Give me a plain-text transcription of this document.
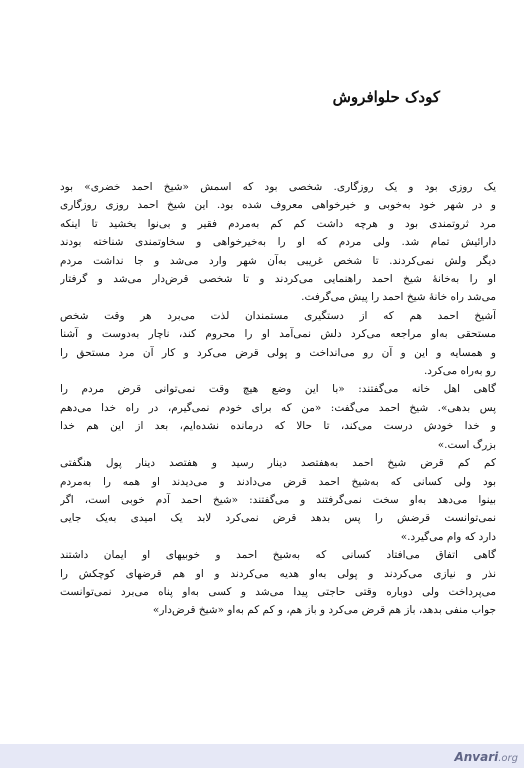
کودک حلوافروش
یک روزی بود و یک روزگاری. شخصی بود که اسمش «شیخ احمد خضری» بود
و در شهر خود به‌خوبی و خیرخواهی معروف شده بود. این شیخ احمد روزی روزگاری
مرد ثروتمندی بود و هرچه داشت کم کم به‌مردم فقیر و بی‌نوا بخشید تا اینکه
دارائیش تمام شد. ولی مردم که او را به‌خیرخواهی و سخاوتمندی شناخته بودند
دیگر ولش نمی‌کردند. تا شخص غریبی به‌آن شهر وارد می‌شد و جا نداشت مردم
او را به‌خانهٔ شیخ احمد راهنمایی می‌کردند و تا شخصی قرض‌دار می‌شد و گرفتار
می‌شد راه خانهٔ شیخ احمد را پیش می‌گرفت.
آشیخ احمد هم که از دستگیری مستمندان لذت می‌برد هر وقت شخص
مستحقی به‌او مراجعه می‌کرد دلش نمی‌آمد او را محروم کند، ناچار به‌دوست و آشنا
و همسایه و این و آن رو می‌انداخت و پولی قرض می‌کرد و کار آن مرد مستحق را
رو به‌راه می‌کرد.
گاهی اهل خانه می‌گفتند: «با این وضع هیچ وقت نمی‌توانی قرض مردم را
پس بدهی». شیخ احمد می‌گفت: «من که برای خودم نمی‌گیرم، در راه خدا می‌دهم
و خدا خودش درست می‌کند، تا حالا که درمانده نشده‌ایم، بعد از این هم خدا
بزرگ است.»
کم کم قرض شیخ احمد به‌هفتصد دینار رسید و هفتصد دینار پول هنگفتی
بود ولی کسانی که به‌شیخ احمد قرض می‌دادند و می‌دیدند او همه را به‌مردم
بینوا می‌دهد به‌او سخت نمی‌گرفتند و می‌گفتند: «شیخ احمد آدم خوبی است، اگر
نمی‌توانست قرضش را پس بدهد قرض نمی‌کرد لابد یک امیدی به‌یک جایی
دارد که وام می‌گیرد.»
گاهی اتفاق می‌افتاد کسانی که به‌شیخ احمد و خوبیهای او ایمان داشتند
نذر و نیازی می‌کردند و پولی به‌او هدیه می‌کردند و او هم قرضهای کوچکش را
می‌پرداخت ولی دوباره وقتی حاجتی پیدا می‌شد و کسی به‌او پناه می‌برد نمی‌توانست
جواب منفی بدهد، باز هم قرض می‌کرد و باز هم، و کم کم به‌او «شیخ قرض‌دار»
Anvari.org
